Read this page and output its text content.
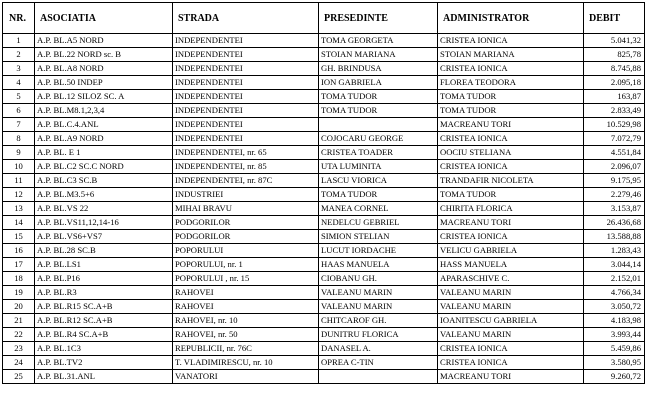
NR.	ASOCIATIA	STRADA	PRESEDINTE	ADMINISTRATOR	DEBIT
1	A.P. BL.A5 NORD	INDEPENDENTEI	TOMA GEORGETA	CRISTEA IONICA	5.041,32
2	A.P. BL.22 NORD sc. B	INDEPENDENTEI	STOIAN MARIANA	STOIAN MARIANA	825,78
3	A.P. BL.A8 NORD	INDEPENDENTEI	GH. BRINDUSA	CRISTEA IONICA	8.745,88
4	A.P. BL.50 INDEP	INDEPENDENTEI	ION GABRIELA	FLOREA TEODORA	2.095,18
5	A.P. BL.12 SILOZ SC. A	INDEPENDENTEI	TOMA TUDOR	TOMA TUDOR	163,87
6	A.P. BL.M8.1,2,3,4	INDEPENDENTEI	TOMA TUDOR	TOMA TUDOR	2.833,49
7	A.P. BL.C.4.ANL	INDEPENDENTEI		MACREANU TORI	10.529,98
8	A.P. BL.A9 NORD	INDEPENDENTEI	COJOCARU GEORGE	CRISTEA IONICA	7.072,79
9	A.P. BL. E 1	INDEPENDENTEI, nr. 65	CRISTEA TOADER	OOCIU STELIANA	4.551,84
10	A.P. BL.C2 SC.C NORD	INDEPENDENTEI, nr. 85	UTA LUMINITA	CRISTEA IONICA	2.096,07
11	A.P. BL.C3 SC.B	INDEPENDENTEI, nr. 87C	LASCU VIORICA	TRANDAFIR NICOLETA	9.175,95
12	A.P. BL.M3.5+6	INDUSTRIEI	TOMA TUDOR	TOMA TUDOR	2.279,46
13	A.P. BL.VS 22	MIHAI BRAVU	MANEA CORNEL	CHIRITA FLORICA	3.153,87
14	A.P. BL.VS11,12,14-16	PODGORILOR	NEDELCU GEBRIEL	MACREANU TORI	26.436,68
15	A.P. BL.VS6+VS7	PODGORILOR	SIMION STELIAN	CRISTEA IONICA	13.588,88
16	A.P. BL.28 SC.B	POPORULUI	LUCUT IORDACHE	VELICU GABRIELA	1.283,43
17	A.P. BL.LS1	POPORULUI, nr. 1	HAAS MANUELA	HASS MANUELA	3.044,14
18	A.P. BL.P16	POPORULUI , nr. 15	CIOBANU GH.	APARASCHIVE C.	2.152,01
19	A.P. BL.R3	RAHOVEI	VALEANU MARIN	VALEANU MARIN	4.766,34
20	A.P. BL.R15 SC.A+B	RAHOVEI	VALEANU MARIN	VALEANU MARIN	3.050,72
21	A.P. BL.R12 SC.A+B	RAHOVEI, nr. 10	CHITCAROF GH.	IOANITESCU GABRIELA	4.183,98
22	A.P. BL.R4 SC.A+B	RAHOVEI, nr. 50	DUNITRU FLORICA	VALEANU MARIN	3.993,44
23	A.P. BL.1C3	REPUBLICII, nr. 76C	DANASEL A.	CRISTEA IONICA	5.459,86
24	A.P. BL.TV2	T. VLADIMIRESCU, nr. 10	OPREA C-TIN	CRISTEA IONICA	3.580,95
25	A.P. BL.31.ANL	VANATORI		MACREANU TORI	9.260,72
